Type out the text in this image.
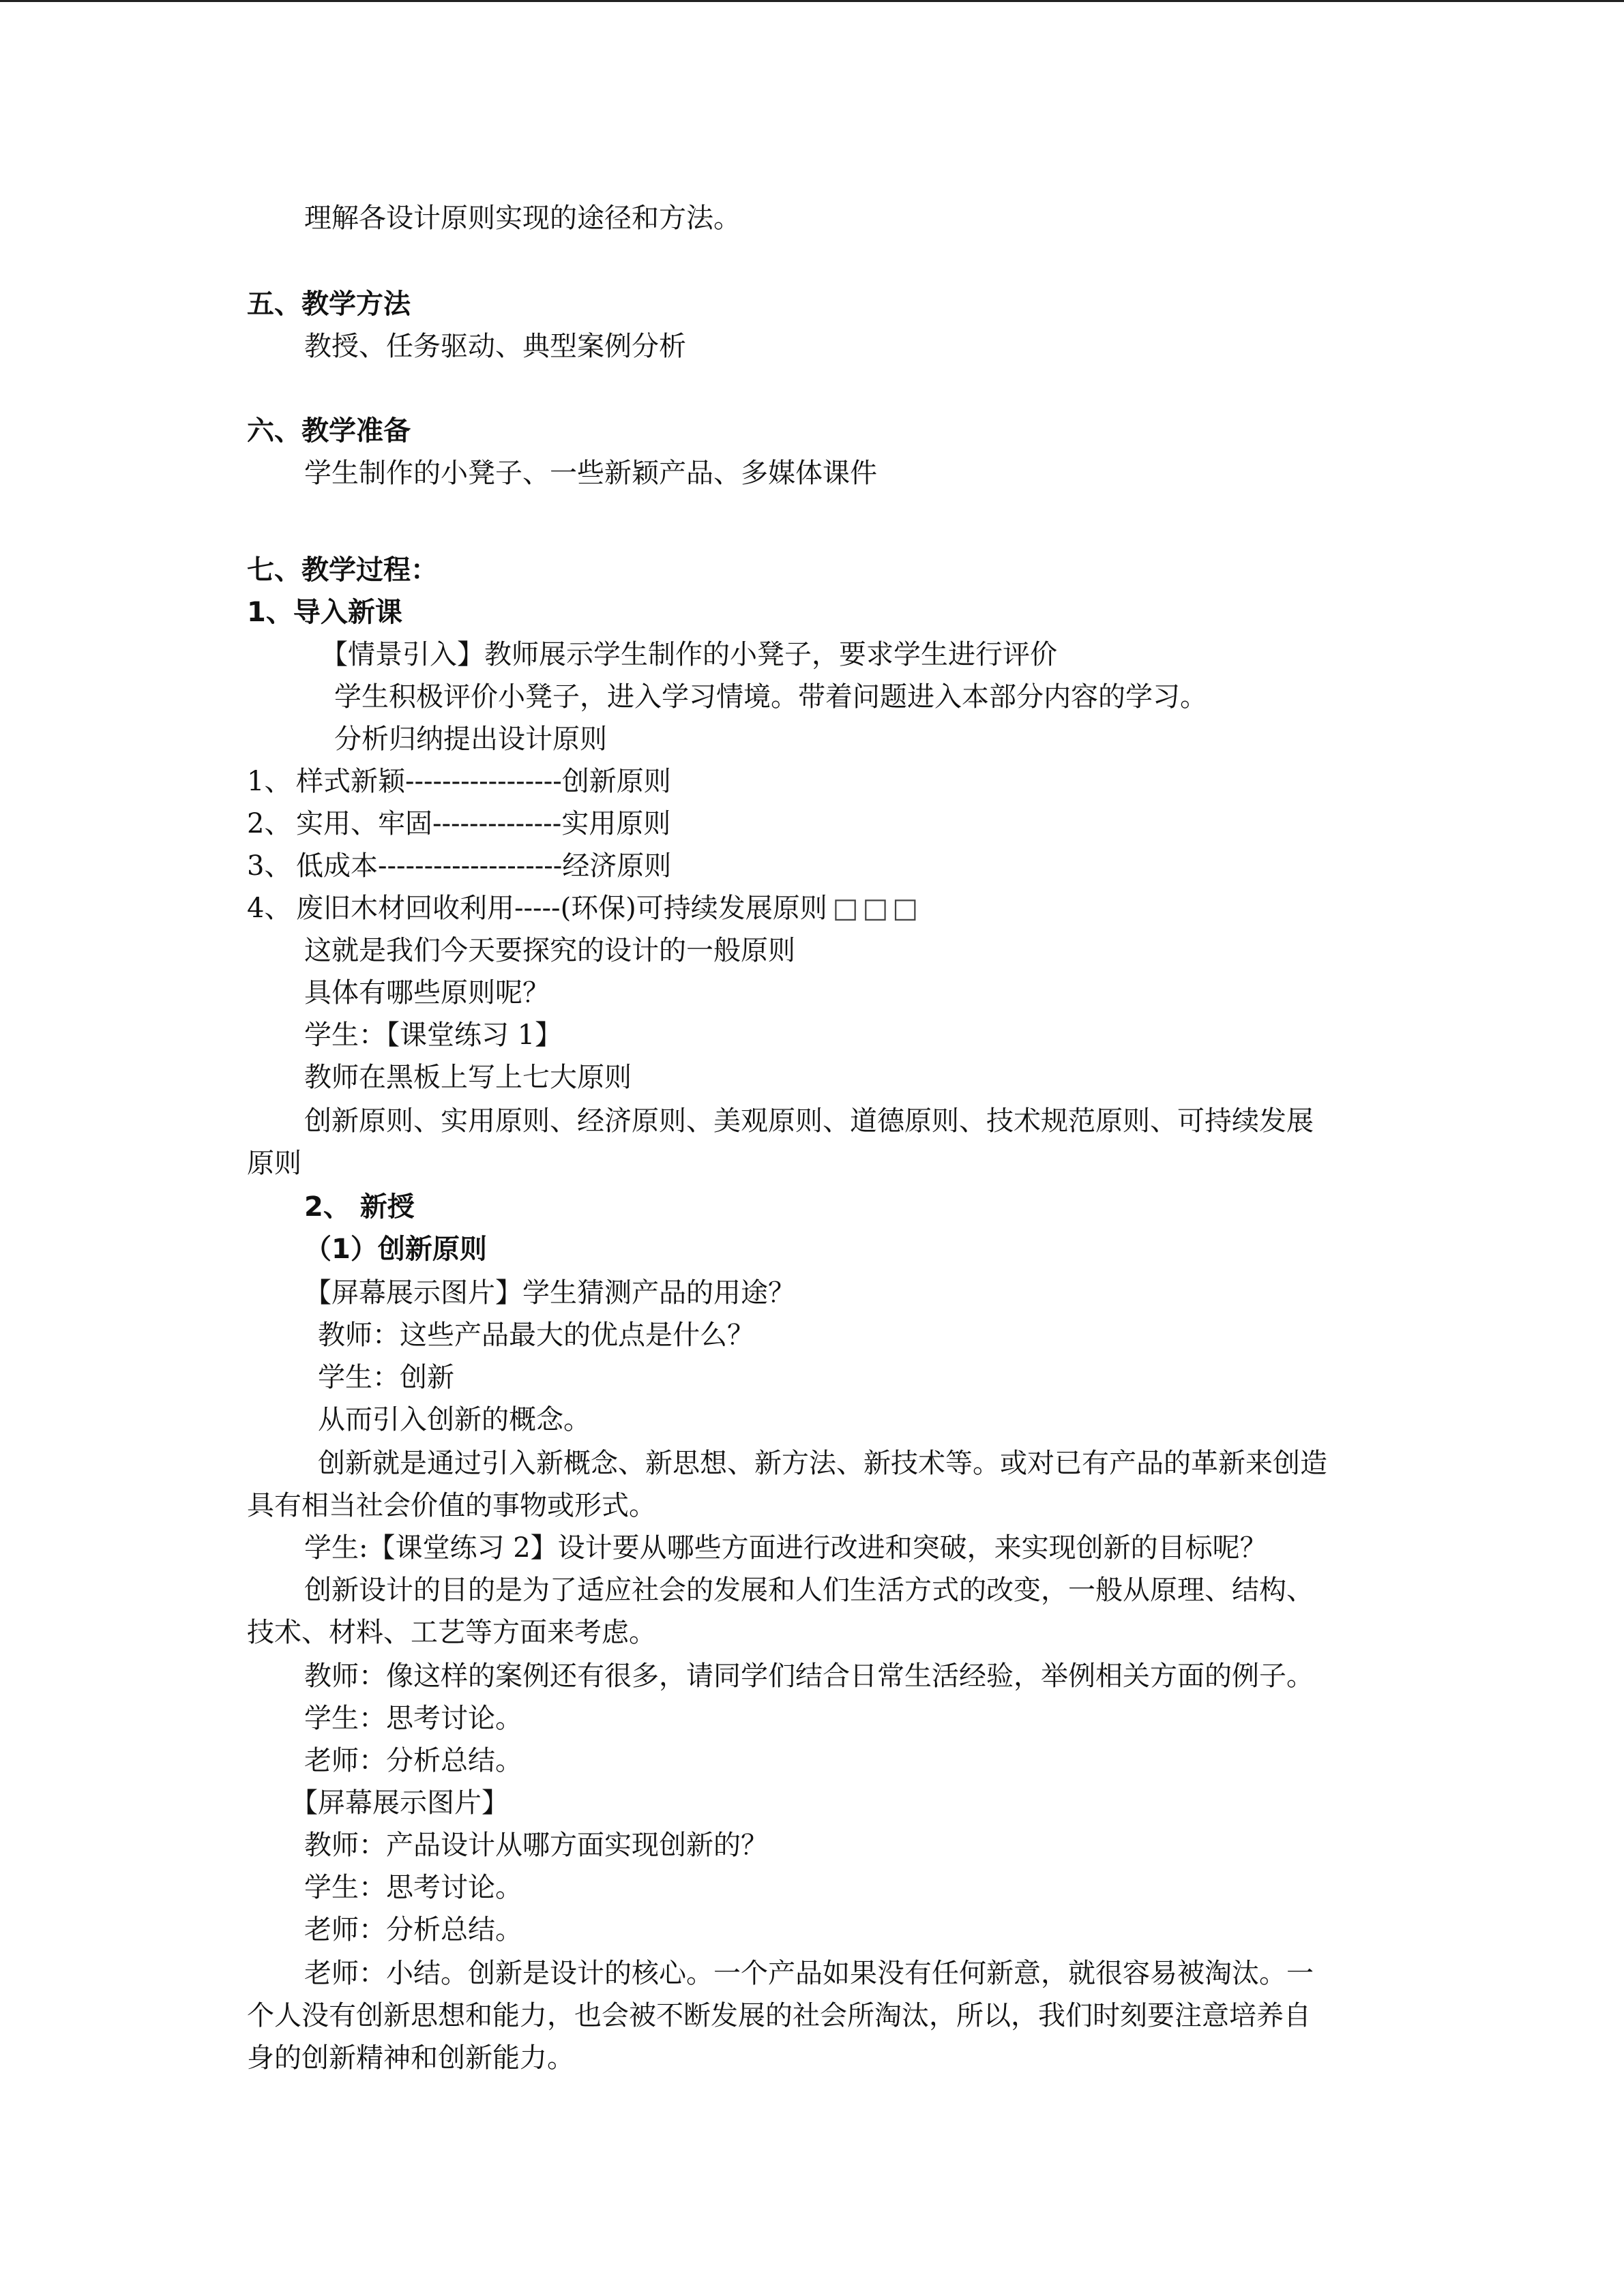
理解各设计原则实现的途径和方法。
五、教学方法
教授、任务驱动、典型案例分析
六、教学准备
学生制作的小凳子、一些新颖产品、多媒体课件
七、教学过程：
1、导入新课
【情景引入】教师展示学生制作的小凳子，要求学生进行评价
学生积极评价小凳子，进入学习情境。带着问题进入本部分内容的学习。
分析归纳提出设计原则
1、 样式新颖-----------------创新原则
2、 实用、牢固--------------实用原则
3、 低成本--------------------经济原则
4、 废旧木材回收利用-----(环保)可持续发展原则 □□□
这就是我们今天要探究的设计的一般原则
具体有哪些原则呢？
学生：【课堂练习 1】
教师在黑板上写上七大原则
创新原则、实用原则、经济原则、美观原则、道德原则、技术规范原则、可持续发展
原则
2、 新授
（1）创新原则
【屏幕展示图片】学生猜测产品的用途？
教师：这些产品最大的优点是什么？
学生：创新
从而引入创新的概念。
创新就是通过引入新概念、新思想、新方法、新技术等。或对已有产品的革新来创造
具有相当社会价值的事物或形式。
学生:【课堂练习 2】设计要从哪些方面进行改进和突破，来实现创新的目标呢？
创新设计的目的是为了适应社会的发展和人们生活方式的改变，一般从原理、结构、
技术、材料、工艺等方面来考虑。
教师：像这样的案例还有很多，请同学们结合日常生活经验，举例相关方面的例子。
学生：思考讨论。
老师：分析总结。
【屏幕展示图片】
教师：产品设计从哪方面实现创新的？
学生：思考讨论。
老师：分析总结。
老师：小结。创新是设计的核心。一个产品如果没有任何新意，就很容易被淘汰。一
个人没有创新思想和能力，也会被不断发展的社会所淘汰，所以，我们时刻要注意培养自
身的创新精神和创新能力。
